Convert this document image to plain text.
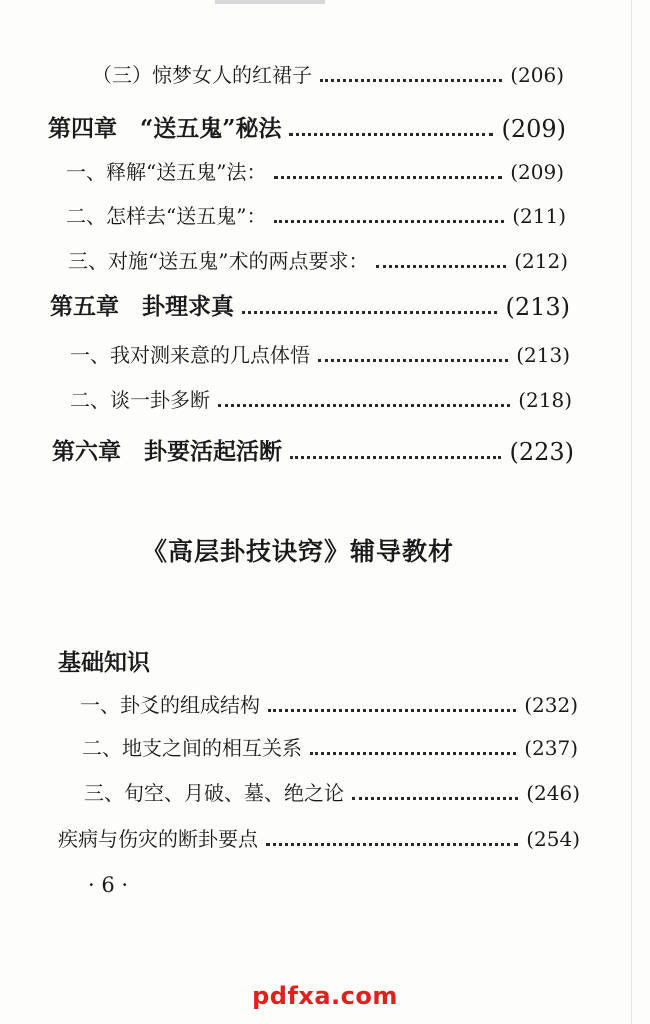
（三）惊梦女人的红裙子	(206)
第四章　“送五鬼”秘法	(209)
一、释解“送五鬼”法：	(209)
二、怎样去“送五鬼”：	(211)
三、对施“送五鬼”术的两点要求：	(212)
第五章　卦理求真	(213)
一、我对测来意的几点体悟	(213)
二、谈一卦多断	(218)
第六章　卦要活起活断	(223)
《高层卦技诀窍》辅导教材
基础知识
一、卦爻的组成结构	(232)
二、地支之间的相互关系	(237)
三、旬空、月破、墓、绝之论	(246)
疾病与伤灾的断卦要点	(254)
· 6 ·
pdfxa.com
